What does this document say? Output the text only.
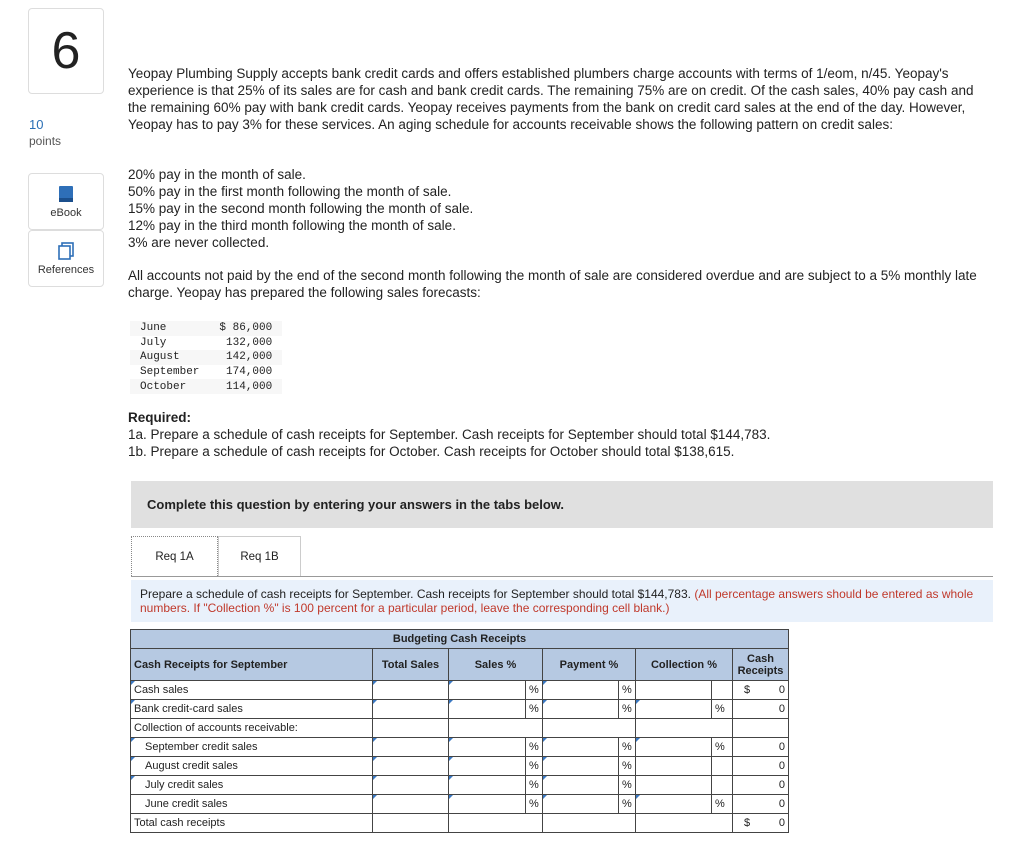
6
10
points
eBook
References
Yeopay Plumbing Supply accepts bank credit cards and offers established plumbers charge accounts with terms of 1/eom, n/45. Yeopay's experience is that 25% of its sales are for cash and bank credit cards. The remaining 75% are on credit. Of the cash sales, 40% pay cash and the remaining 60% pay with bank credit cards. Yeopay receives payments from the bank on credit card sales at the end of the day. However, Yeopay has to pay 3% for these services. An aging schedule for accounts receivable shows the following pattern on credit sales:
20% pay in the month of sale.
50% pay in the first month following the month of sale.
15% pay in the second month following the month of sale.
12% pay in the third month following the month of sale.
3% are never collected.
All accounts not paid by the end of the second month following the month of sale are considered overdue and are subject to a 5% monthly late charge. Yeopay has prepared the following sales forecasts:
June	$ 86,000
July	132,000
August	142,000
September	174,000
October	114,000
Required:
1a. Prepare a schedule of cash receipts for September. Cash receipts for September should total $144,783.
1b. Prepare a schedule of cash receipts for October. Cash receipts for October should total $138,615.
Complete this question by entering your answers in the tabs below.
Req 1A	Req 1B
Prepare a schedule of cash receipts for September. Cash receipts for September should total $144,783. (All percentage answers should be entered as whole numbers. If "Collection %" is 100 percent for a particular period, leave the corresponding cell blank.)
Budgeting Cash Receipts								
Cash Receipts for September	Total Sales	Sales %		Payment %		Collection %		Cash Receipts
Cash sales			%		%			$ 0
Bank credit-card sales			%		%		%	0
Collection of accounts receivable:								
September credit sales			%		%		%	0
August credit sales			%		%			0
July credit sales			%		%			0
June credit sales			%		%		%	0
Total cash receipts								$ 0
